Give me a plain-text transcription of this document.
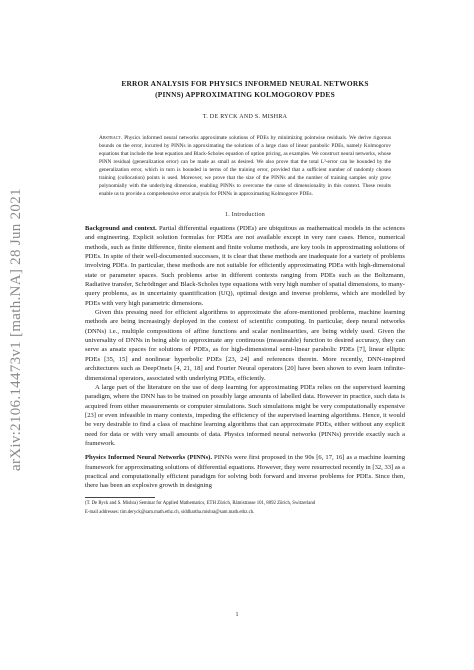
arXiv:2106.14473v1 [math.NA] 28 Jun 2021
ERROR ANALYSIS FOR PHYSICS INFORMED NEURAL NETWORKS
(PINNS) APPROXIMATING KOLMOGOROV PDES
T. DE RYCK AND S. MISHRA
Abstract. Physics informed neural networks approximate solutions of PDEs by minimizing pointwise residuals. We derive rigorous bounds on the error, incurred by PINNs in approximating the solutions of a large class of linear parabolic PDEs, namely Kolmogorov equations that include the heat equation and Black-Scholes equation of option pricing, as examples. We construct neural networks, whose PINN residual (generalization error) can be made as small as desired. We also prove that the total L²-error can be bounded by the generalization error, which in turn is bounded in terms of the training error, provided that a sufficient number of randomly chosen training (collocation) points is used. Moreover, we prove that the size of the PINNs and the number of training samples only grow polynomially with the underlying dimension, enabling PINNs to overcome the curse of dimensionality in this context. These results enable us to provide a comprehensive error analysis for PINNs in approximating Kolmogorov PDEs.
1. Introduction
Background and context. Partial differential equations (PDEs) are ubiquitous as mathematical models in the sciences and engineering. Explicit solution formulas for PDEs are not available except in very rare cases. Hence, numerical methods, such as finite difference, finite element and finite volume methods, are key tools in approximating solutions of PDEs. In spite of their well-documented successes, it is clear that these methods are inadequate for a variety of problems involving PDEs. In particular, these methods are not suitable for efficiently approximating PDEs with high-dimensional state or parameter spaces. Such problems arise in different contexts ranging from PDEs such as the Boltzmann, Radiative transfer, Schrödinger and Black-Scholes type equations with very high number of spatial dimensions, to many-query problems, as in uncertainty quantification (UQ), optimal design and inverse problems, which are modelled by PDEs with very high parametric dimensions.
Given this pressing need for efficient algorithms to approximate the afore-mentioned problems, machine learning methods are being increasingly deployed in the context of scientific computing. In particular, deep neural networks (DNNs) i.e., multiple compositions of affine functions and scalar nonlinearities, are being widely used. Given the universality of DNNs in being able to approximate any continuous (measurable) function to desired accuracy, they can serve as ansatz spaces for solutions of PDEs, as for high-dimensional semi-linear parabolic PDEs [7], linear elliptic PDEs [35, 15] and nonlinear hyperbolic PDEs [23, 24] and references therein. More recently, DNN-inspired architectures such as DeepOnets [4, 21, 18] and Fourier Neural operators [20] have been shown to even learn infinite-dimensional operators, associated with underlying PDEs, efficiently.
A large part of the literature on the use of deep learning for approximating PDEs relies on the supervised learning paradigm, where the DNN has to be trained on possibly large amounts of labelled data. However in practice, such data is acquired from either measurements or computer simulations. Such simulations might be very computationally expensive [23] or even infeasible in many contexts, impeding the efficiency of the supervised learning algorithms. Hence, it would be very desirable to find a class of machine learning algorithms that can approximate PDEs, either without any explicit need for data or with very small amounts of data. Physics informed neural networks (PINNs) provide exactly such a framework.
Physics Informed Neural Networks (PINNs). PINNs were first proposed in the 90s [6, 17, 16] as a machine learning framework for approximating solutions of differential equations. However, they were resurrected recently in [32, 33] as a practical and computationally efficient paradigm for solving both forward and inverse problems for PDEs. Since then, there has been an explosive growth in designing
(T. De Ryck and S. Mishra) Seminar for Applied Mathematics, ETH Zürich, Rämistrasse 101, 8092 Zürich, Switzerland
E-mail addresses: tim.deryck@sam.math.ethz.ch, siddhartha.mishra@sam.math.ethz.ch.
1
